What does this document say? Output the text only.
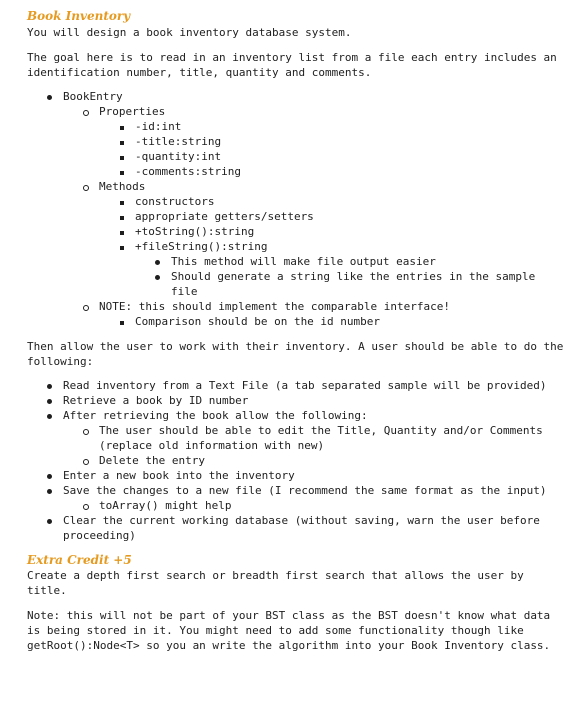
Book Inventory
You will design a book inventory database system.
The goal here is to read in an inventory list from a file each entry includes an identification number, title, quantity and comments.
BookEntry
Properties
-id:int
-title:string
-quantity:int
-comments:string
Methods
constructors
appropriate getters/setters
+toString():string
+fileString():string
This method will make file output easier
Should generate a string like the entries in the sample file
NOTE: this should implement the comparable interface!
Comparison should be on the id number
Then allow the user to work with their inventory. A user should be able to do the following:
Read inventory from a Text File (a tab separated sample will be provided)
Retrieve a book by ID number
After retrieving the book allow the following:
The user should be able to edit the Title, Quantity and/or Comments (replace old information with new)
Delete the entry
Enter a new book into the inventory
Save the changes to a new file (I recommend the same format as the input)
toArray() might help
Clear the current working database (without saving, warn the user before proceeding)
Extra Credit +5
Create a depth first search or breadth first search that allows the user by title.
Note: this will not be part of your BST class as the BST doesn't know what data is being stored in it. You might need to add some functionality though like getRoot():Node<T> so you an write the algorithm into your Book Inventory class.
